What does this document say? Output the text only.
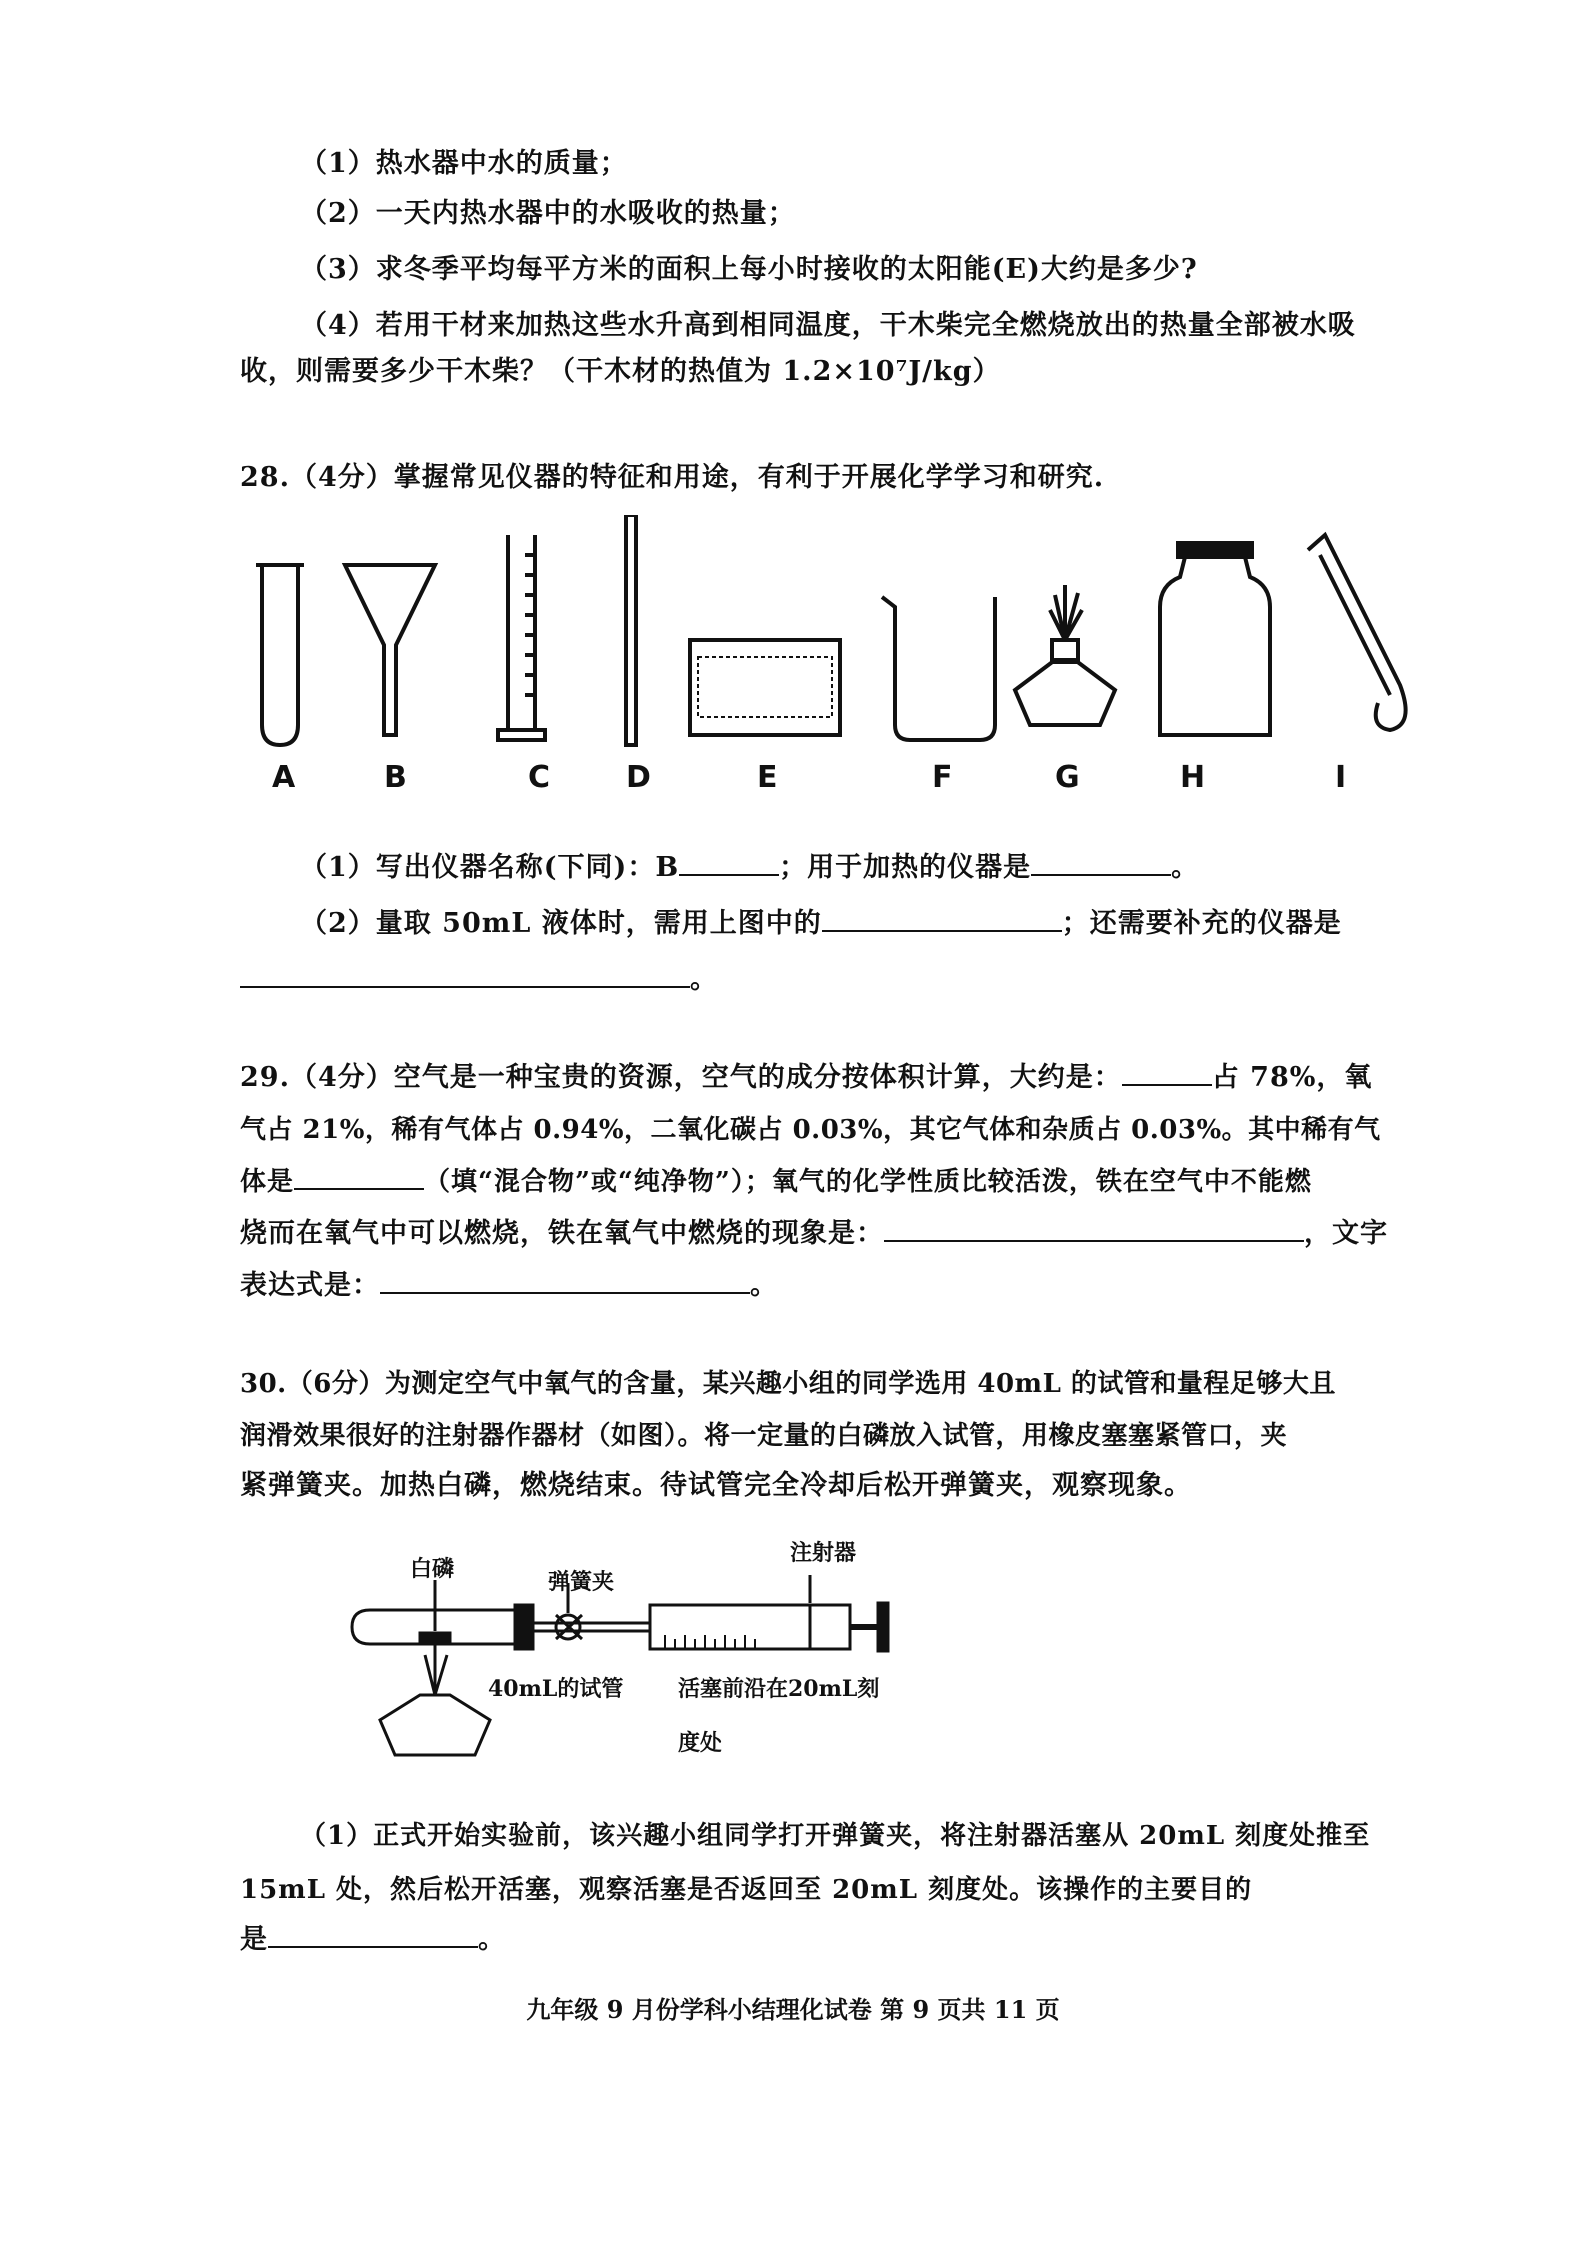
（1）热水器中水的质量；
（2）一天内热水器中的水吸收的热量；
（3）求冬季平均每平方米的面积上每小时接收的太阳能(E)大约是多少?
（4）若用干材来加热这些水升高到相同温度，干木柴完全燃烧放出的热量全部被水吸
收，则需要多少干木柴？（干木材的热值为 1.2×10⁷J/kg）
28.（4分）掌握常见仪器的特征和用途，有利于开展化学学习和研究.
A	B	C	D	E	F	G	H	I
（1）写出仪器名称(下同)：B	；用于加热的仪器是	。
（2）量取 50mL 液体时，需用上图中的	；还需要补充的仪器是
。
29.（4分）空气是一种宝贵的资源，空气的成分按体积计算，大约是：	占 78%，氧
气占 21%，稀有气体占 0.94%，二氧化碳占 0.03%，其它气体和杂质占 0.03%。其中稀有气
体是	（填“混合物”或“纯净物”）；氧气的化学性质比较活泼，铁在空气中不能燃
烧而在氧气中可以燃烧，铁在氧气中燃烧的现象是：	，文字
表达式是：	。
30.（6分）为测定空气中氧气的含量，某兴趣小组的同学选用 40mL 的试管和量程足够大且
润滑效果很好的注射器作器材（如图）。将一定量的白磷放入试管，用橡皮塞塞紧管口，夹
紧弹簧夹。加热白磷，燃烧结束。待试管完全冷却后松开弹簧夹，观察现象。
白磷	弹簧夹
注射器
40mL的试管 活塞前沿在20mL刻
度处
（1）正式开始实验前，该兴趣小组同学打开弹簧夹，将注射器活塞从 20mL 刻度处推至
15mL 处，然后松开活塞，观察活塞是否返回至 20mL 刻度处。该操作的主要目的
是	。
九年级 9 月份学科小结理化试卷 第 9 页共 11 页
